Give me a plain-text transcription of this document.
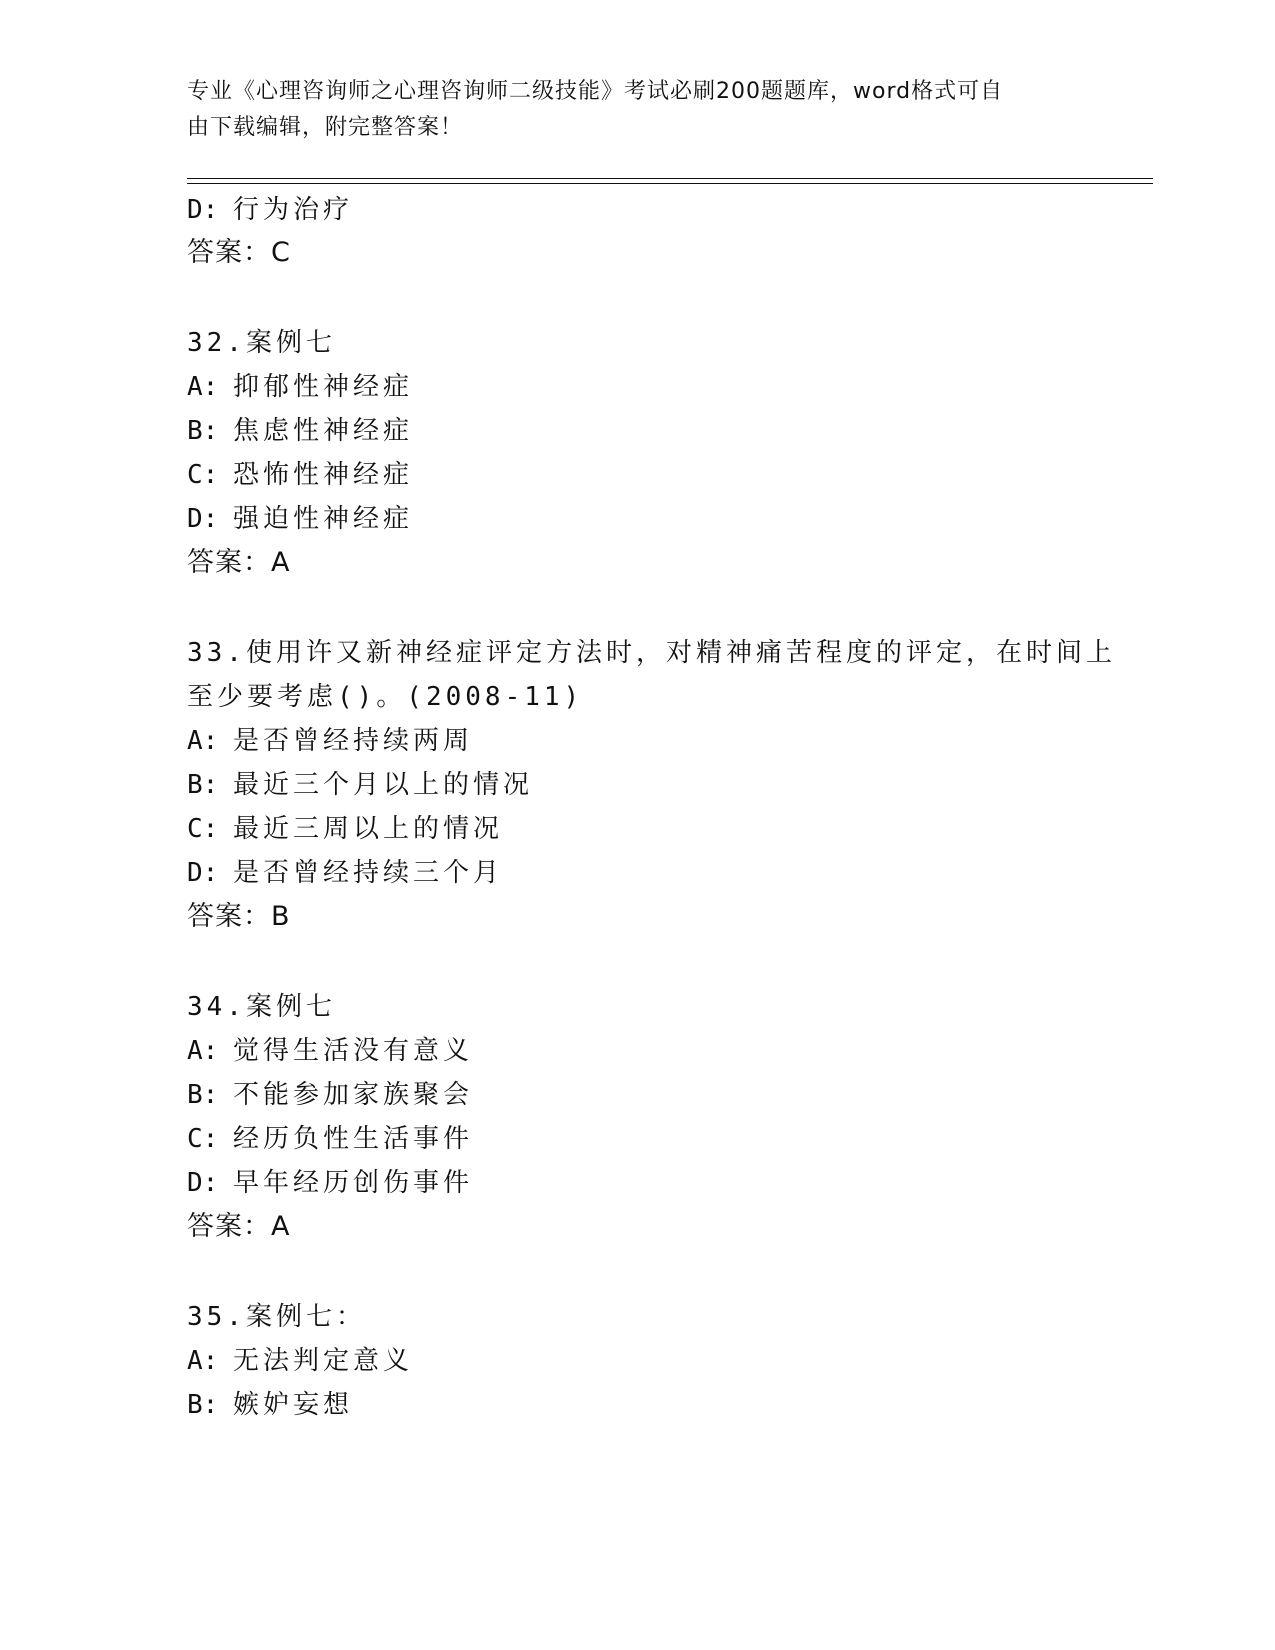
专业《心理咨询师之心理咨询师二级技能》考试必刷200题题库，word格式可自
由下载编辑，附完整答案！
D: 行为治疗
答案：C
32.案例七
A: 抑郁性神经症
B: 焦虑性神经症
C: 恐怖性神经症
D: 强迫性神经症
答案：A
33.使用许又新神经症评定方法时，对精神痛苦程度的评定，在时间上
至少要考虑()。(2008-11)
A: 是否曾经持续两周
B: 最近三个月以上的情况
C: 最近三周以上的情况
D: 是否曾经持续三个月
答案：B
34.案例七
A: 觉得生活没有意义
B: 不能参加家族聚会
C: 经历负性生活事件
D: 早年经历创伤事件
答案：A
35.案例七：
A: 无法判定意义
B: 嫉妒妄想
